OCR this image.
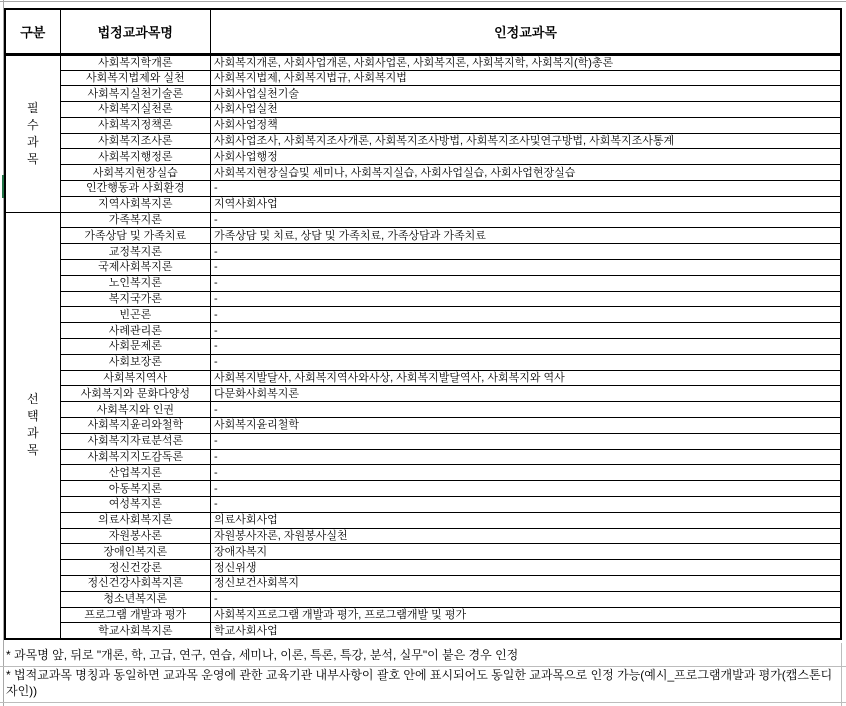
구분	법정교과목명	인정교과목
필수과목	사회복지학개론	사회복지개론, 사회사업개론, 사회사업론, 사회복지론, 사회복지학, 사회복지(학)총론
	사회복지법제와 실천	사회복지법제, 사회복지법규, 사회복지법
	사회복지실천기술론	사회사업실천기술
	사회복지실천론	사회사업실천
	사회복지정책론	사회사업정책
	사회복지조사론	사회사업조사, 사회복지조사개론, 사회복지조사방법, 사회복지조사및연구방법, 사회복지조사통계
	사회복지행정론	사회사업행정
	사회복지현장실습	사회복지현장실습및 세미나, 사회복지실습, 사회사업실습, 사회사업현장실습
	인간행동과 사회환경	-
	지역사회복지론	지역사회사업
선택과목	가족복지론	-
	가족상담 및 가족치료	가족상담 및 치료, 상담 및 가족치료, 가족상담과 가족치료
	교정복지론	-
	국제사회복지론	-
	노인복지론	-
	복지국가론	-
	빈곤론	-
	사례관리론	-
	사회문제론	-
	사회보장론	-
	사회복지역사	사회복지발달사, 사회복지역사와사상, 사회복지발달역사, 사회복지와 역사
	사회복지와 문화다양성	다문화사회복지론
	사회복지와 인권	-
	사회복지윤리와철학	사회복지윤리철학
	사회복지자료분석론	-
	사회복지지도감독론	-
	산업복지론	-
	아동복지론	-
	여성복지론	-
	의료사회복지론	의료사회사업
	자원봉사론	자원봉사자론, 자원봉사실천
	장애인복지론	장애자복지
	정신건강론	정신위생
	정신건강사회복지론	정신보건사회복지
	청소년복지론	-
	프로그램 개발과 평가	사회복지프로그램 개발과 평가, 프로그램개발 및 평가
	학교사회복지론	학교사회사업
* 과목명 앞, 뒤로 "개론, 학, 고급, 연구, 연습, 세미나, 이론, 특론, 특강, 분석, 실무"이 붙은 경우 인정
* 법적교과목 명칭과 동일하면 교과목 운영에 관한 교육기관 내부사항이 괄호 안에 표시되어도 동일한 교과목으로 인정 가능(예시_프로그램개발과 평가(캡스톤디자인))
